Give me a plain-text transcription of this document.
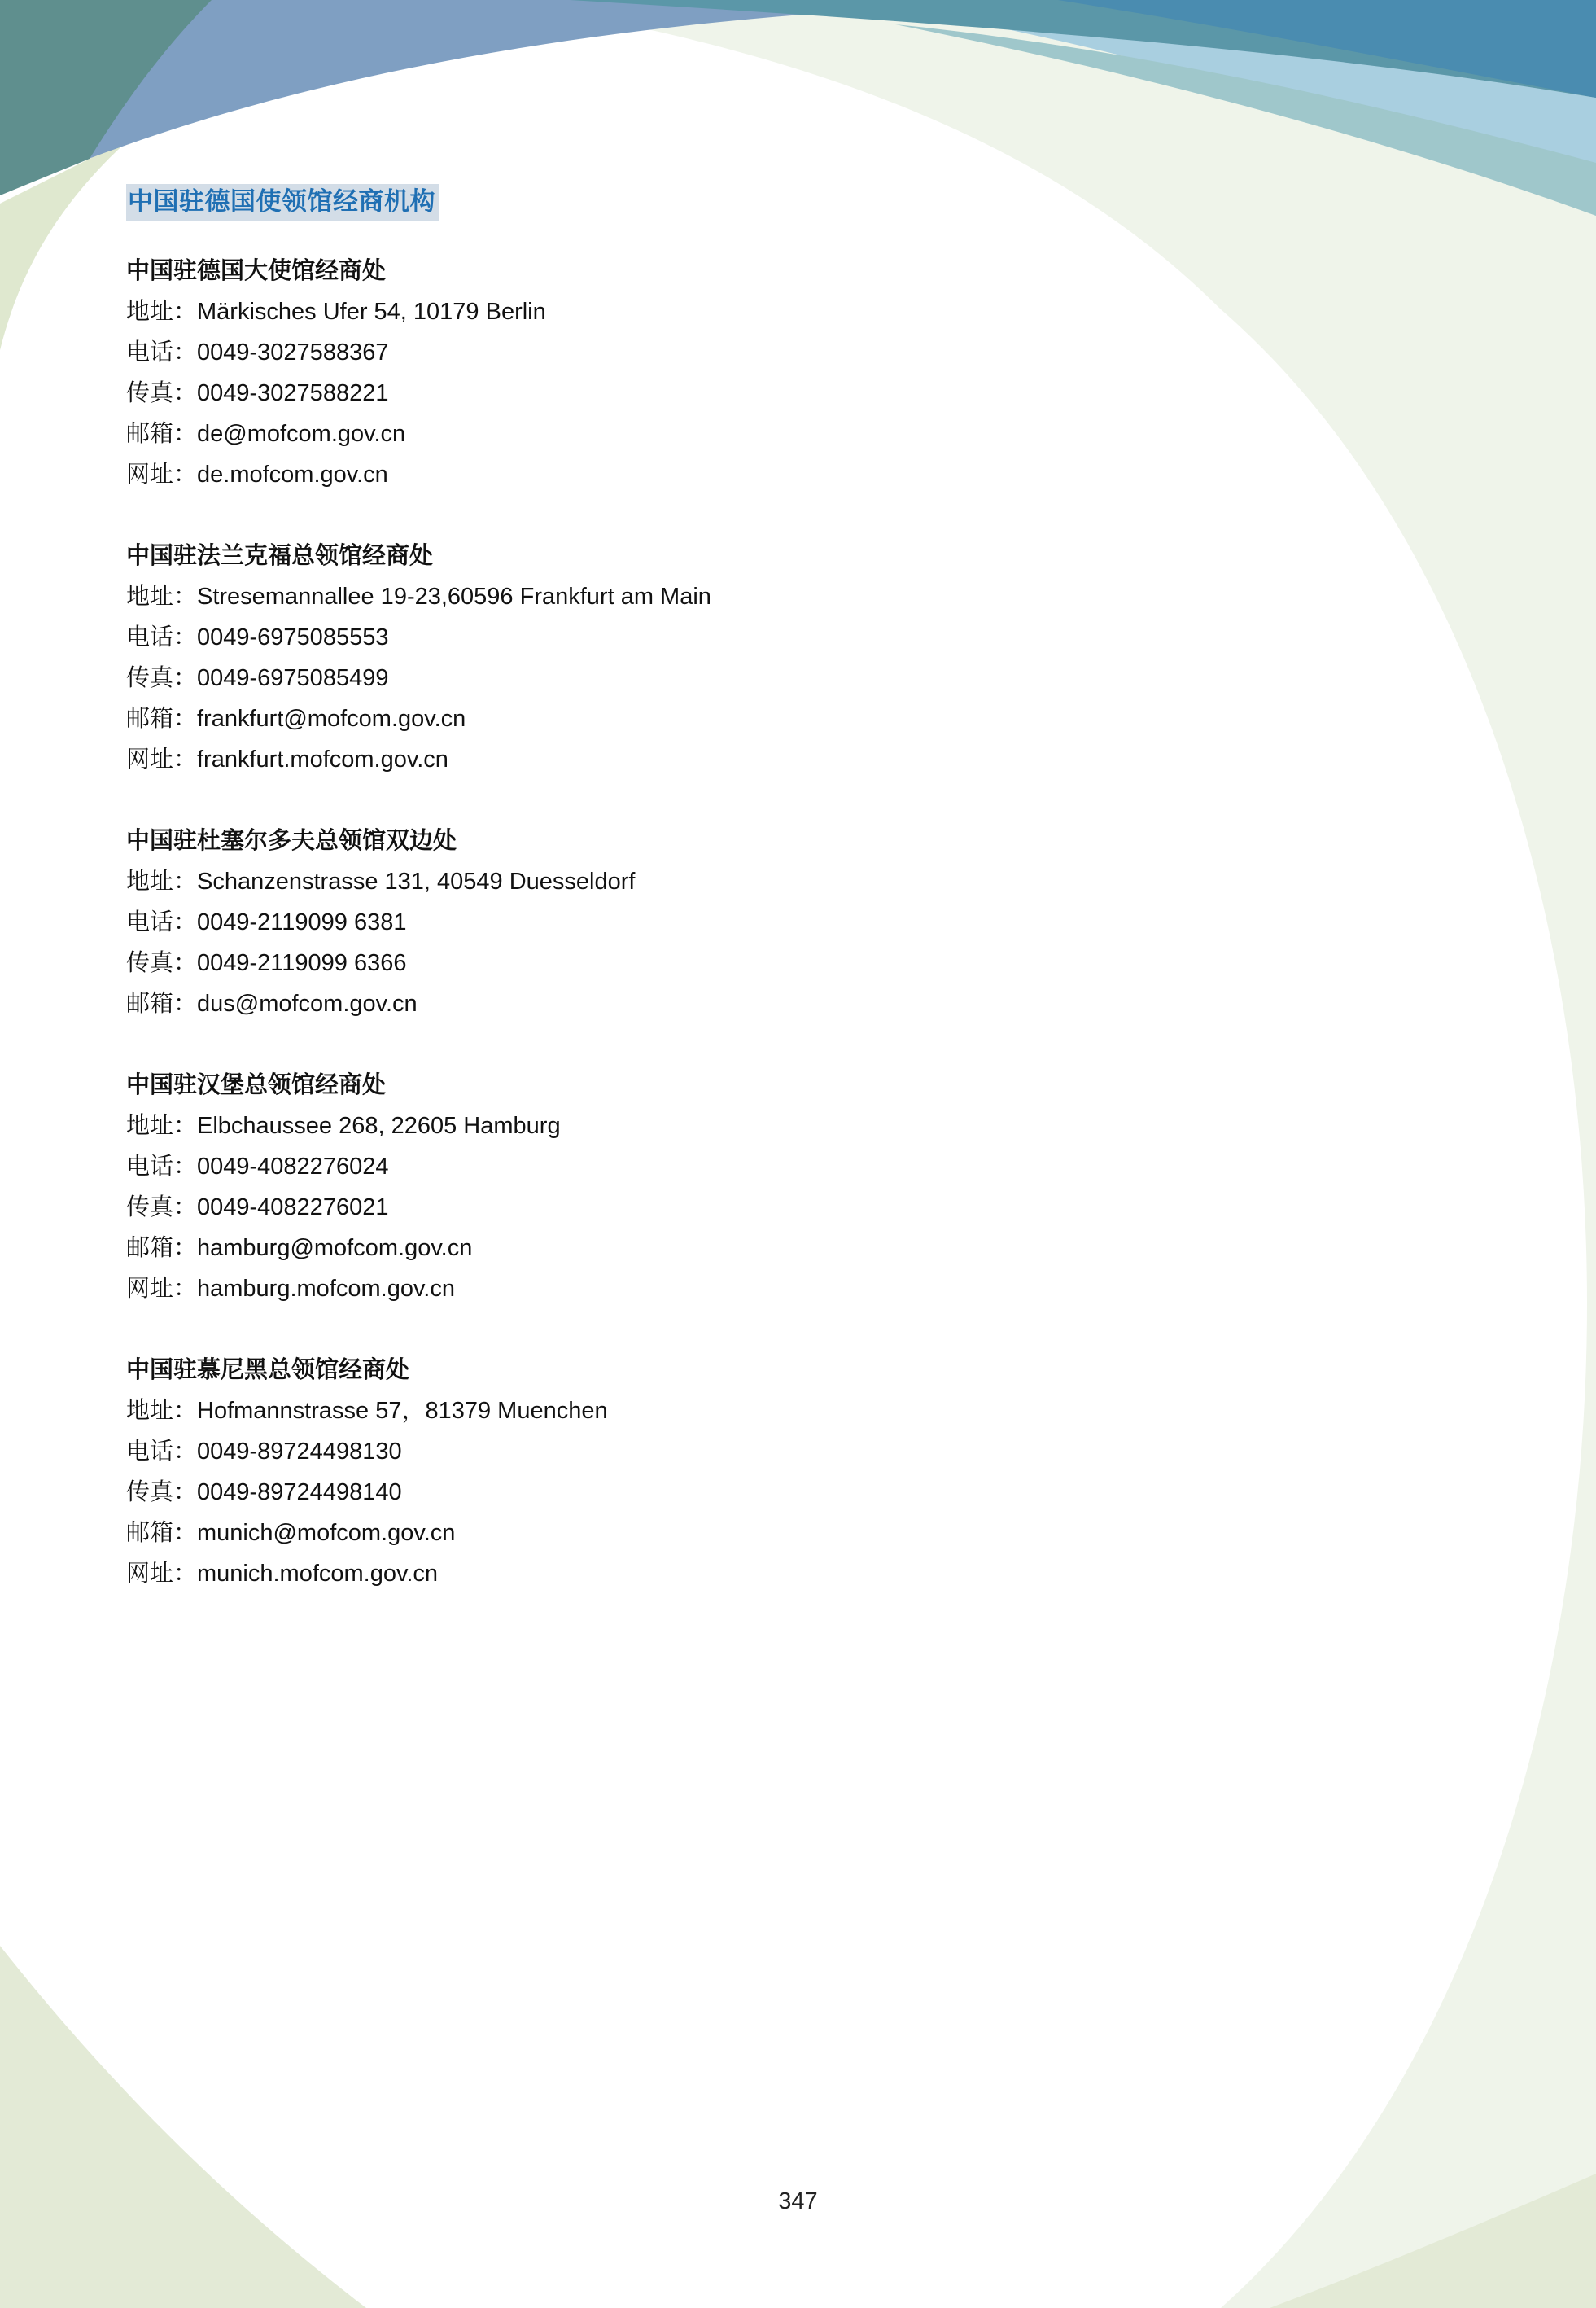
中国驻德国使领馆经商机构

中国驻德国大使馆经商处

地址：Märkisches Ufer 54, 10179 Berlin

电话：0049-3027588367

传真：0049-3027588221

邮箱：de@mofcom.gov.cn

网址：de.mofcom.gov.cn

中国驻法兰克福总领馆经商处

地址：Stresemannallee 19-23,60596 Frankfurt am Main

电话：0049-6975085553

传真：0049-6975085499

邮箱：frankfurt@mofcom.gov.cn

网址：frankfurt.mofcom.gov.cn

中国驻杜塞尔多夫总领馆双边处

地址：Schanzenstrasse 131, 40549 Duesseldorf

电话：0049-2119099 6381

传真：0049-2119099 6366

邮箱：dus@mofcom.gov.cn

中国驻汉堡总领馆经商处

地址：Elbchaussee 268, 22605 Hamburg

电话：0049-4082276024

传真：0049-4082276021

邮箱：hamburg@mofcom.gov.cn

网址：hamburg.mofcom.gov.cn

中国驻慕尼黑总领馆经商处

地址：Hofmannstrasse 57，81379 Muenchen

电话：0049-89724498130

传真：0049-89724498140

邮箱：munich@mofcom.gov.cn

网址：munich.mofcom.gov.cn

347
